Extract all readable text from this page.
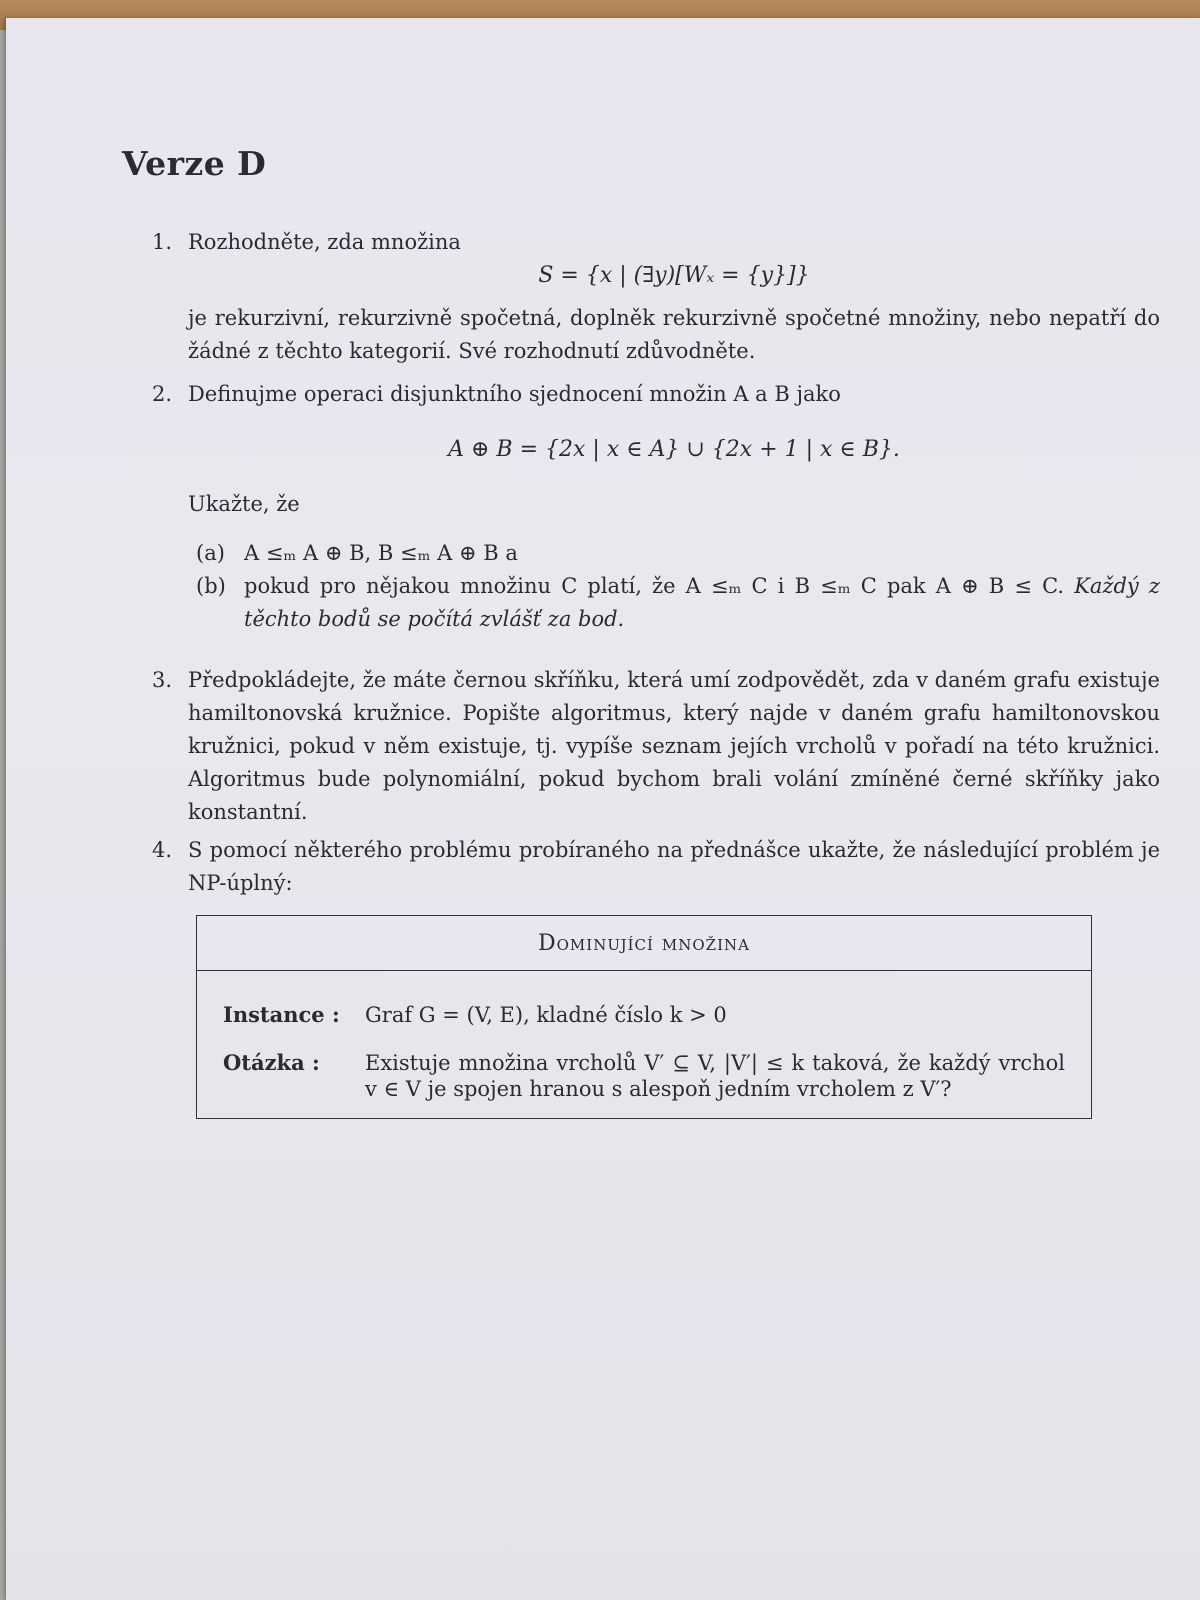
Verze D
1. Rozhodněte, zda množina
S = {x | (∃y)[Wₓ = {y}]}
je rekurzivní, rekurzivně spočetná, doplněk rekurzivně spočetné množiny, nebo nepatří do žádné z těchto kategorií. Své rozhodnutí zdůvodněte.
2. Definujme operaci disjunktního sjednocení množin A a B jako
A ⊕ B = {2x | x ∈ A} ∪ {2x + 1 | x ∈ B}.
Ukažte, že
(a) A ≤ₘ A ⊕ B, B ≤ₘ A ⊕ B a
(b) pokud pro nějakou množinu C platí, že A ≤ₘ C i B ≤ₘ C pak A ⊕ B ≤ C. Každý z těchto bodů se počítá zvlášť za bod.
3. Předpokládejte, že máte černou skříňku, která umí zodpovědět, zda v daném grafu existuje hamiltonovská kružnice. Popište algoritmus, který najde v daném grafu hamiltonovskou kružnici, pokud v něm existuje, tj. vypíše seznam jejích vrcholů v pořadí na této kružnici. Algoritmus bude polynomiální, pokud bychom brali volání zmíněné černé skříňky jako konstantní.
4. S pomocí některého problému probíraného na přednášce ukažte, že následující problém je NP-úplný:
Dominující množina
Instance : Graf G = (V, E), kladné číslo k > 0
Otázka : Existuje množina vrcholů V′ ⊆ V, |V′| ≤ k taková, že každý vrchol v ∈ V je spojen hranou s alespoň jedním vrcholem z V′?
